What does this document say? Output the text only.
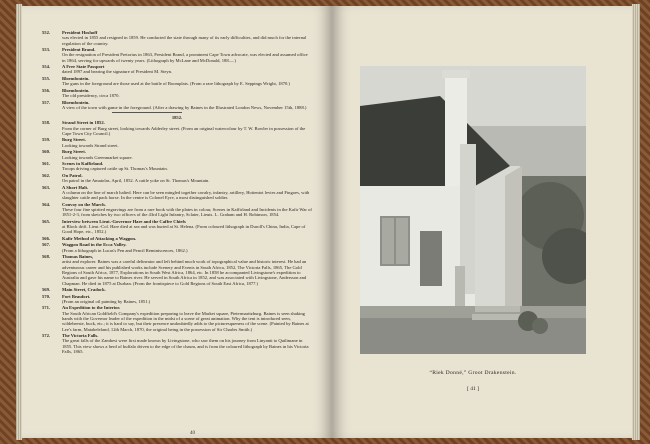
552.	President Hoshoff
was elected in 1855 and resigned in 1859. He conducted the state through many of its early difficulties, and did much for the internal regulation of the country.
553.	President Brand.
On the resignation of President Pretorius in 1863, President Brand, a prominent Cape Town advocate, was elected and assumed office in 1864, serving for upwards of twenty years. (Lithograph by McLane and McDonald, 188—.)
554.	A Free State Passport
dated 1897 and bearing the signature of President M. Steyn.
555.	Bloemfontein.
The guns in the foreground are those used at the battle of Boomplats. (From a rare lithograph by E. Seppings Wright, 1870.)
556.	Bloemfontein.
The old presidency, circa 1870.
557.	Bloemfontein.
A view of the town with game in the foreground. (After a drawing by Baines in the Illustrated London News, November 15th, 1888.)
1852.
558.	Strand Street in 1852.
From the corner of Burg street, looking towards Adderley street. (From an original watercolour by T. W. Bowler in possession of the Cape Town City Council.)
559.	Burg Street.
Looking towards Strand street.
560.	Burg Street.
Looking towards Greenmarket square.
561.	Scenes in Kaffirland.
Troops driving captured cattle up St. Thomas's Mountain.
562.	On Patrol.
On patrol in the Amatolas, April, 1852. A cattle yoke on St. Thomas's Mountain.
563.	A Short Halt.
A column on the line of march halted. Here can be seen mingled together cavalry, infantry, artillery, Hottentot levies and Fingoes, with slaughter cattle and pack horse. In the centre is Colonel Eyre, a most distinguished soldier.
564.	Convoy on the March.
These four fine spirited engravings are from a rare book with the plates in colour, Scenes in Kaffirland and Incidents in the Kafir War of 1851-2-3, from sketches by two officers of the 43rd Light Infantry, Sclater, Lieuts. L. Graham and H. Robinson, 1854.
565.	Interview between Lieut.-Governor Hare and the Caffre Chiefs
at Block drift. Lieut.-Col. Hare died at sea and was buried at St. Helena. (From coloured lithograph in Duroll's China, India, Cape of Good Hope, etc., 1852.)
566.	Kafir Method of Attacking a Waggon.
567.	Waggon Road in the Ecca Valley.
(From a lithograph in Lucas's Pen and Pencil Reminiscences, 1862.)
568.	Thomas Baines,
artist and explorer. Baines was a careful delineator and left behind much work of topographical value and historic interest. He had an adventurous career and his published works include Scenery and Events in South Africa, 1852, The Victoria Falls, 1865, The Gold Regions of South Africa, 1877, Explorations in South West Africa, 1864, etc. In 1858 he accompanied Livingstone's expedition to Australia and gave his name to Baines river. He served in South Africa in 1852, and was associated with Livingstone, Andersson and Chapman. He died in 1875 at Durban. (From the frontispiece to Gold Regions of South East Africa, 1877.)
569.	Main Street, Cradock.
570.	Fort Beaufort.
(From an original oil painting by Baines, 1851.)
571.	An Expedition to the Interior.
The South African Goldfield's Company's expedition preparing to leave the Market square, Pietermaritzburg. Baines is seen shaking hands with the Governor leader of the expedition in the midst of a scene of great animation. Why the tent is introduced seen, wildebeeste, buck, etc.; it is hard to say, but their presence undoubtedly adds to the picturesqueness of the scene. (Painted by Baines at Lee's farm, Matabeleland, 12th March, 1870, the original being in the possession of Sir Charles Smith.)
572.	The Victoria Falls.
The great falls of the Zambesi were first made known by Livingstone, who saw them on his journey from Linyanti to Quilimane in 1855. This view shows a herd of buffalo driven to the edge of the chasm, and is from the coloured lithograph by Baines in his Victoria Falls, 1865.
40
“Riek Donné,” Groot Drakenstein.
[ 41 ]
